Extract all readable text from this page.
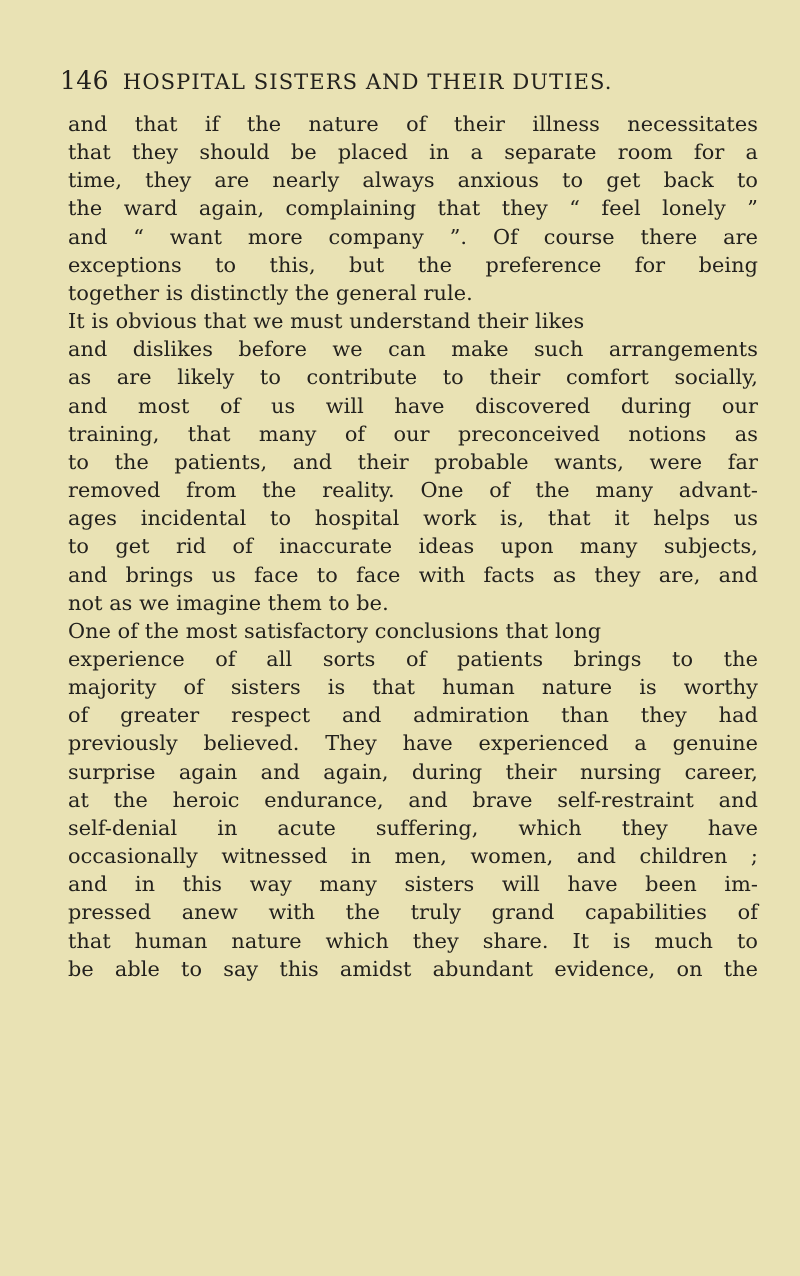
146 HOSPITAL SISTERS AND THEIR DUTIES.
and that if the nature of their illness necessitates
that they should be placed in a separate room for a
time, they are nearly always anxious to get back to
the ward again, complaining that they “ feel lonely ”
and “ want more company ”. Of course there are
exceptions to this, but the preference for being
together is distinctly the general rule.
It is obvious that we must understand their likes
and dislikes before we can make such arrangements
as are likely to contribute to their comfort socially,
and most of us will have discovered during our
training, that many of our preconceived notions as
to the patients, and their probable wants, were far
removed from the reality. One of the many advant-
ages incidental to hospital work is, that it helps us
to get rid of inaccurate ideas upon many subjects,
and brings us face to face with facts as they are, and
not as we imagine them to be.
One of the most satisfactory conclusions that long
experience of all sorts of patients brings to the
majority of sisters is that human nature is worthy
of greater respect and admiration than they had
previously believed. They have experienced a genuine
surprise again and again, during their nursing career,
at the heroic endurance, and brave self-restraint and
self-denial in acute suffering, which they have
occasionally witnessed in men, women, and children ;
and in this way many sisters will have been im-
pressed anew with the truly grand capabilities of
that human nature which they share. It is much to
be able to say this amidst abundant evidence, on the
